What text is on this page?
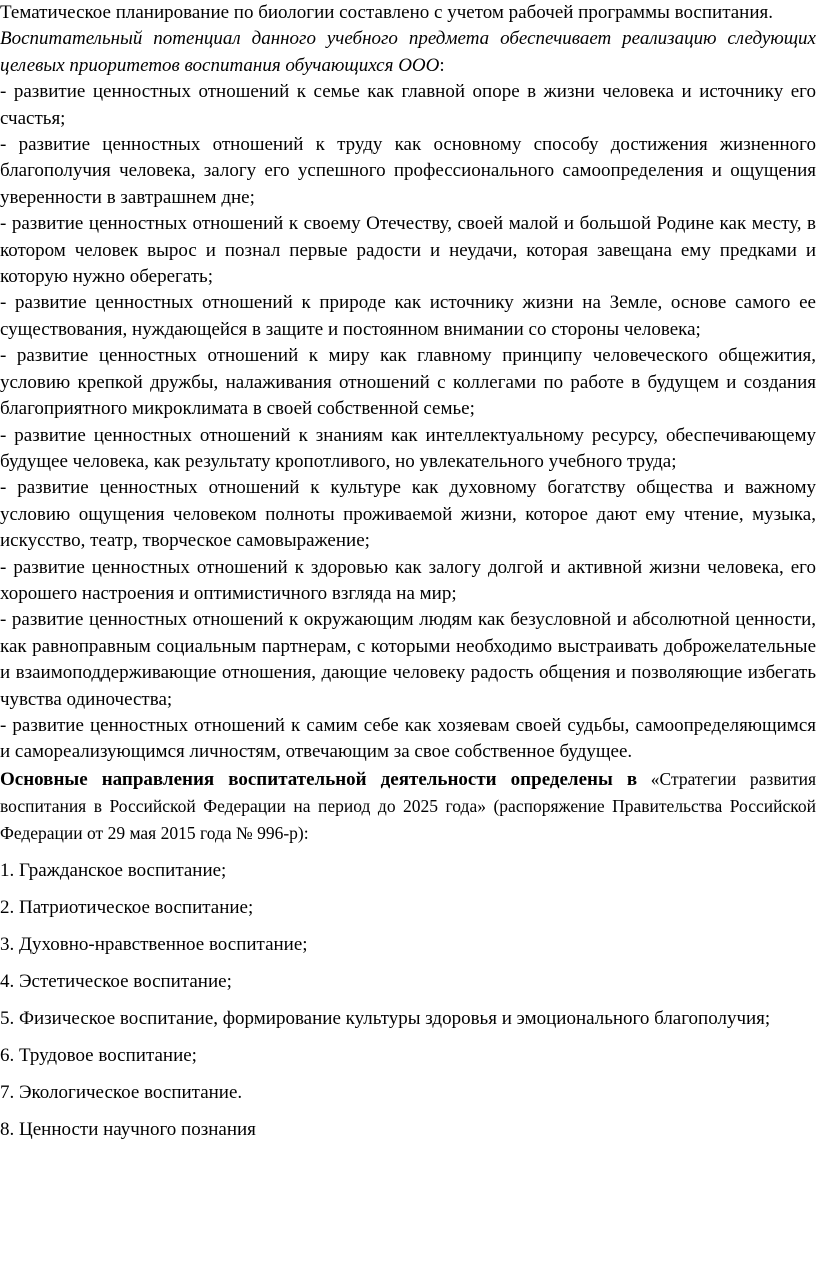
Тематическое планирование по биологии составлено с учетом рабочей программы воспитания.

Воспитательный потенциал данного учебного предмета обеспечивает реализацию следующих целевых приоритетов воспитания обучающихся ООО:

- развитие ценностных отношений к семье как главной опоре в жизни человека и источнику его счастья;

- развитие ценностных отношений к труду как основному способу достижения жизненного благополучия человека, залогу его успешного профессионального самоопределения и ощущения уверенности в завтрашнем дне;

- развитие ценностных отношений к своему Отечеству, своей малой и большой Родине как месту, в котором человек вырос и познал первые радости и неудачи, которая завещана ему предками и которую нужно оберегать;

- развитие ценностных отношений к природе как источнику жизни на Земле, основе самого ее существования, нуждающейся в защите и постоянном внимании со стороны человека;

- развитие ценностных отношений к миру как главному принципу человеческого общежития, условию крепкой дружбы, налаживания отношений с коллегами по работе в будущем и создания благоприятного микроклимата в своей собственной семье;

- развитие ценностных отношений к знаниям как интеллектуальному ресурсу, обеспечивающему будущее человека, как результату кропотливого, но увлекательного учебного труда;

- развитие ценностных отношений к культуре как духовному богатству общества и важному условию ощущения человеком полноты проживаемой жизни, которое дают ему чтение, музыка, искусство, театр, творческое самовыражение;

- развитие ценностных отношений к здоровью как залогу долгой и активной жизни человека, его хорошего настроения и оптимистичного взгляда на мир;

- развитие ценностных отношений к окружающим людям как безусловной и абсолютной ценности, как равноправным социальным партнерам, с которыми необходимо выстраивать доброжелательные и взаимоподдерживающие отношения, дающие человеку радость общения и позволяющие избегать чувства одиночества;

- развитие ценностных отношений к самим себе как хозяевам своей судьбы, самоопределяющимся и самореализующимся личностям, отвечающим за свое собственное будущее.

Основные направления воспитательной деятельности определены в «Стратегии развития воспитания в Российской Федерации на период до 2025 года» (распоряжение Правительства Российской Федерации от 29 мая 2015 года № 996-р):

1. Гражданское воспитание;
2. Патриотическое воспитание;
3. Духовно-нравственное воспитание;
4. Эстетическое воспитание;
5. Физическое воспитание, формирование культуры здоровья и эмоционального благополучия;
6. Трудовое воспитание;
7. Экологическое воспитание.
8. Ценности научного познания
